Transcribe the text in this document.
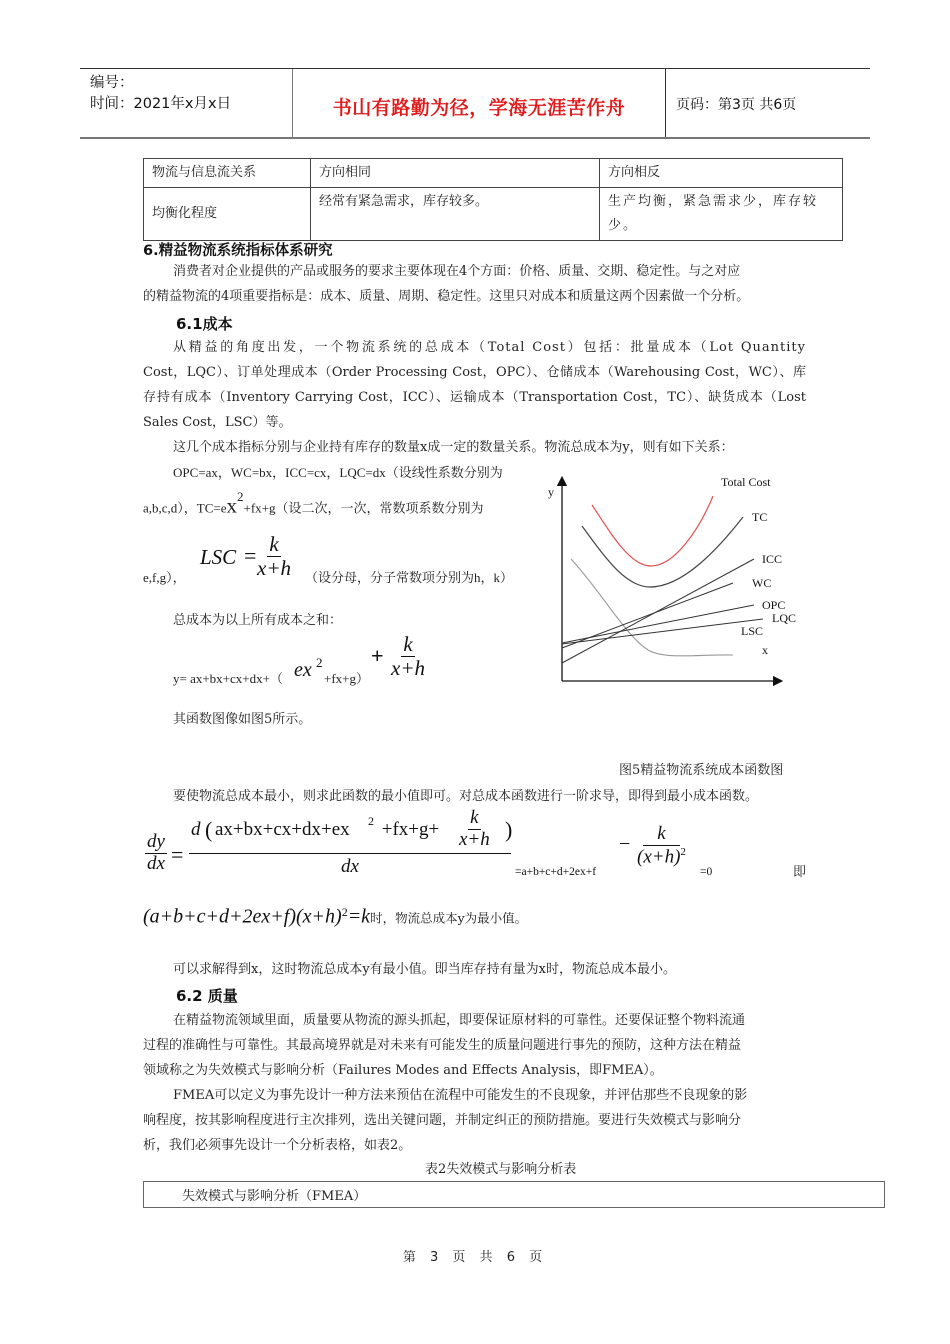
编号：
时间：2021年x月x日	书山有路勤为径，学海无涯苦作舟	页码：第3页 共6页
物流与信息流关系	方向相同	方向相反
均衡化程度	经常有紧急需求，库存较多。	生产均衡，紧急需求少，库存较少。
6.精益物流系统指标体系研究
消费者对企业提供的产品或服务的要求主要体现在4个方面：价格、质量、交期、稳定性。与之对应
的精益物流的4项重要指标是：成本、质量、周期、稳定性。这里只对成本和质量这两个因素做一个分析。
6.1成本
从精益的角度出发，一个物流系统的总成本（Total Cost）包括：批量成本（Lot Quantity
Cost，LQC）、订单处理成本（Order Processing Cost，OPC）、仓储成本（Warehousing Cost，WC）、库
存持有成本（Inventory Carrying Cost，ICC）、运输成本（Transportation Cost，TC）、缺货成本（Lost
Sales Cost，LSC）等。
这几个成本指标分别与企业持有库存的数量x成一定的数量关系。物流总成本为y，则有如下关系：
OPC=ax，WC=bx，ICC=cx，LQC=dx（设线性系数分别为
a,b,c,d），$TC=ex^2+fx+g$（设二次，一次，常数项系数分别为
e,f,g），
LSC =
$\frac{k}{x+h}$ （设分母，分子常数项分别为h，k）
总成本为以上所有成本之和：
y= ax+bx+cx+dx+（ ex 2
+fx+g）
+ $\frac{k}{x+h}$
其函数图像如图5所示。
Total Cost
TC
ICC
WC
OPC
LQC
LSC
x
y
图5精益物流系统成本函数图
要使物流总成本最小，则求此函数的最小值即可。对总成本函数进行一阶求导，即得到最小成本函数。
$\frac{dy}{dx}$ =
d ( ax+bx+cx+dx+ex $2 +fx+g+ \frac{k}{x+h}$ )
dx	=a+b+c+d+2ex+f
− $\frac{k}{(x+h)^2}$
=0	即
$(a+b+c+d+2ex+f)(x+h)^2=k$时，物流总成本y为最小值。
可以求解得到x，这时物流总成本y有最小值。即当库存持有量为x时，物流总成本最小。
6.2 质量
在精益物流领域里面，质量要从物流的源头抓起，即要保证原材料的可靠性。还要保证整个物料流通
过程的准确性与可靠性。其最高境界就是对未来有可能发生的质量问题进行事先的预防，这种方法在精益
领域称之为失效模式与影响分析（Failures Modes and Effects Analysis，即FMEA）。
FMEA可以定义为事先设计一种方法来预估在流程中可能发生的不良现象，并评估那些不良现象的影
响程度，按其影响程度进行主次排列，选出关键问题，并制定纠正的预防措施。要进行失效模式与影响分
析，我们必须事先设计一个分析表格，如表2。
表2失效模式与影响分析表
失效模式与影响分析（FMEA）
第 3 页 共 6 页
